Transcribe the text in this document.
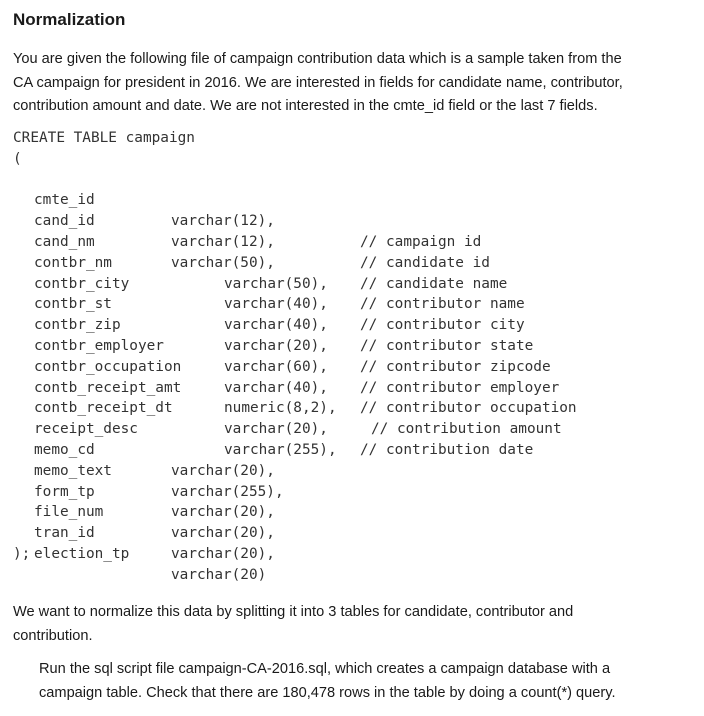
Normalization

You are given the following file of campaign contribution data which is a sample taken from the
CA campaign for president in 2016. We are interested in fields for candidate name, contributor,
contribution amount and date. We are not interested in the cmte_id field or the last 7 fields.

CREATE TABLE campaign
(

cmte_id

varchar(12),

// campaign id

cand_id

varchar(12),

// candidate id

cand_nm

varchar(50),

// candidate name

contbr_nm

varchar(50),

// contributor name

contbr_city

varchar(40),

// contributor city

contbr_st

varchar(40),

// contributor state

contbr_zip

varchar(20),

// contributor zipcode

contbr_employer

varchar(60),

// contributor employer

contbr_occupation

varchar(40),

// contributor occupation

contb_receipt_amt

numeric(8,2),

// contribution amount

contb_receipt_dt

varchar(20),

// contribution date

receipt_desc

varchar(255),

memo_cd

varchar(20),

memo_text

varchar(255),

form_tp

varchar(20),

file_num

varchar(20),

tran_id

varchar(20),

election_tp

varchar(20)

);

We want to normalize this data by splitting it into 3 tables for candidate, contributor and
contribution.

Run the sql script file campaign-CA-2016.sql, which creates a campaign database with a
campaign table. Check that there are 180,478 rows in the table by doing a count(*) query.
